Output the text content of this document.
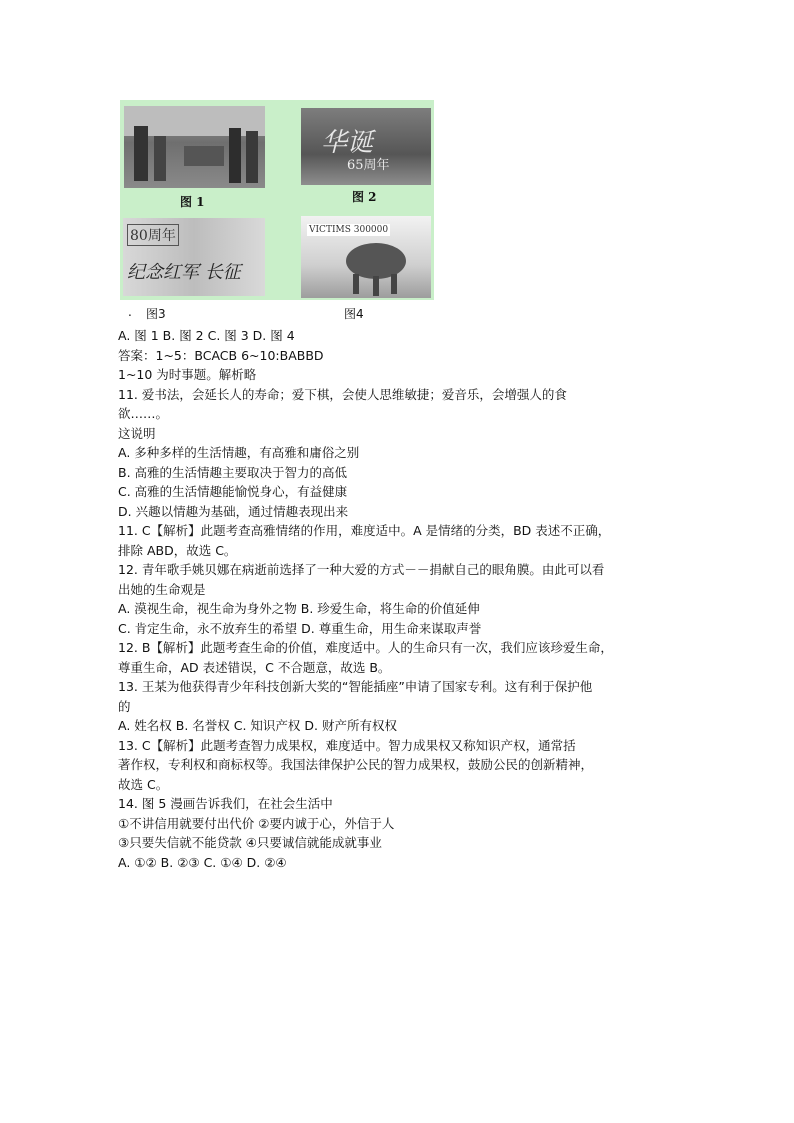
图 1
华诞
65周年
图 2
80周年
纪念红军 长征
VICTIMS 300000
. 图3	图4
A. 图 1 B. 图 2 C. 图 3 D. 图 4
答案：1~5：BCACB 6~10:BABBD
1~10 为时事题。解析略
11. 爱书法，会延长人的寿命；爱下棋，会使人思维敏捷；爱音乐，会增强人的食
欲……。
这说明
A. 多种多样的生活情趣，有高雅和庸俗之别
B. 高雅的生活情趣主要取决于智力的高低
C. 高雅的生活情趣能愉悦身心，有益健康
D. 兴趣以情趣为基础，通过情趣表现出来
11. C【解析】此题考查高雅情绪的作用，难度适中。A 是情绪的分类，BD 表述不正确，
排除 ABD，故选 C。
12. 青年歌手姚贝娜在病逝前选择了一种大爱的方式－－捐献自己的眼角膜。由此可以看
出她的生命观是
A. 漠视生命，视生命为身外之物 B. 珍爱生命，将生命的价值延伸
C. 肯定生命，永不放弃生的希望 D. 尊重生命，用生命来谋取声誉
12. B【解析】此题考查生命的价值，难度适中。人的生命只有一次，我们应该珍爱生命，
尊重生命，AD 表述错误，C 不合题意，故选 B。
13. 王某为他获得青少年科技创新大奖的“智能插座”申请了国家专利。这有利于保护他
的
A. 姓名权 B. 名誉权 C. 知识产权 D. 财产所有权权
13. C【解析】此题考查智力成果权，难度适中。智力成果权又称知识产权，通常括
著作权，专利权和商标权等。我国法律保护公民的智力成果权，鼓励公民的创新精神，
故选 C。
14. 图 5 漫画告诉我们，在社会生活中
①不讲信用就要付出代价 ②要内诚于心，外信于人
③只要失信就不能贷款 ④只要诚信就能成就事业
A. ①② B. ②③ C. ①④ D. ②④
